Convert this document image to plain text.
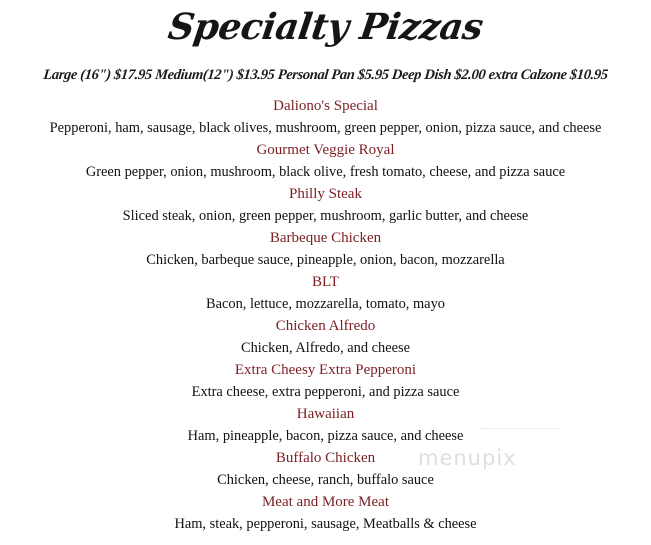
Specialty Pizzas
Large (16") $17.95 Medium(12") $13.95 Personal Pan $5.95 Deep Dish $2.00 extra Calzone $10.95
Daliono's Special
Pepperoni, ham, sausage, black olives, mushroom, green pepper, onion, pizza sauce, and cheese
Gourmet Veggie Royal
Green pepper, onion, mushroom, black olive, fresh tomato, cheese, and pizza sauce
Philly Steak
Sliced steak, onion, green pepper, mushroom, garlic butter, and cheese
Barbeque Chicken
Chicken, barbeque sauce, pineapple, onion, bacon, mozzarella
BLT
Bacon, lettuce, mozzarella, tomato, mayo
Chicken Alfredo
Chicken, Alfredo, and cheese
Extra Cheesy Extra Pepperoni
Extra cheese, extra pepperoni, and pizza sauce
Hawaiian
Ham, pineapple, bacon, pizza sauce, and cheese
Buffalo Chicken
Chicken, cheese, ranch, buffalo sauce
Meat and More Meat
Ham, steak, pepperoni, sausage, Meatballs & cheese
menupix
